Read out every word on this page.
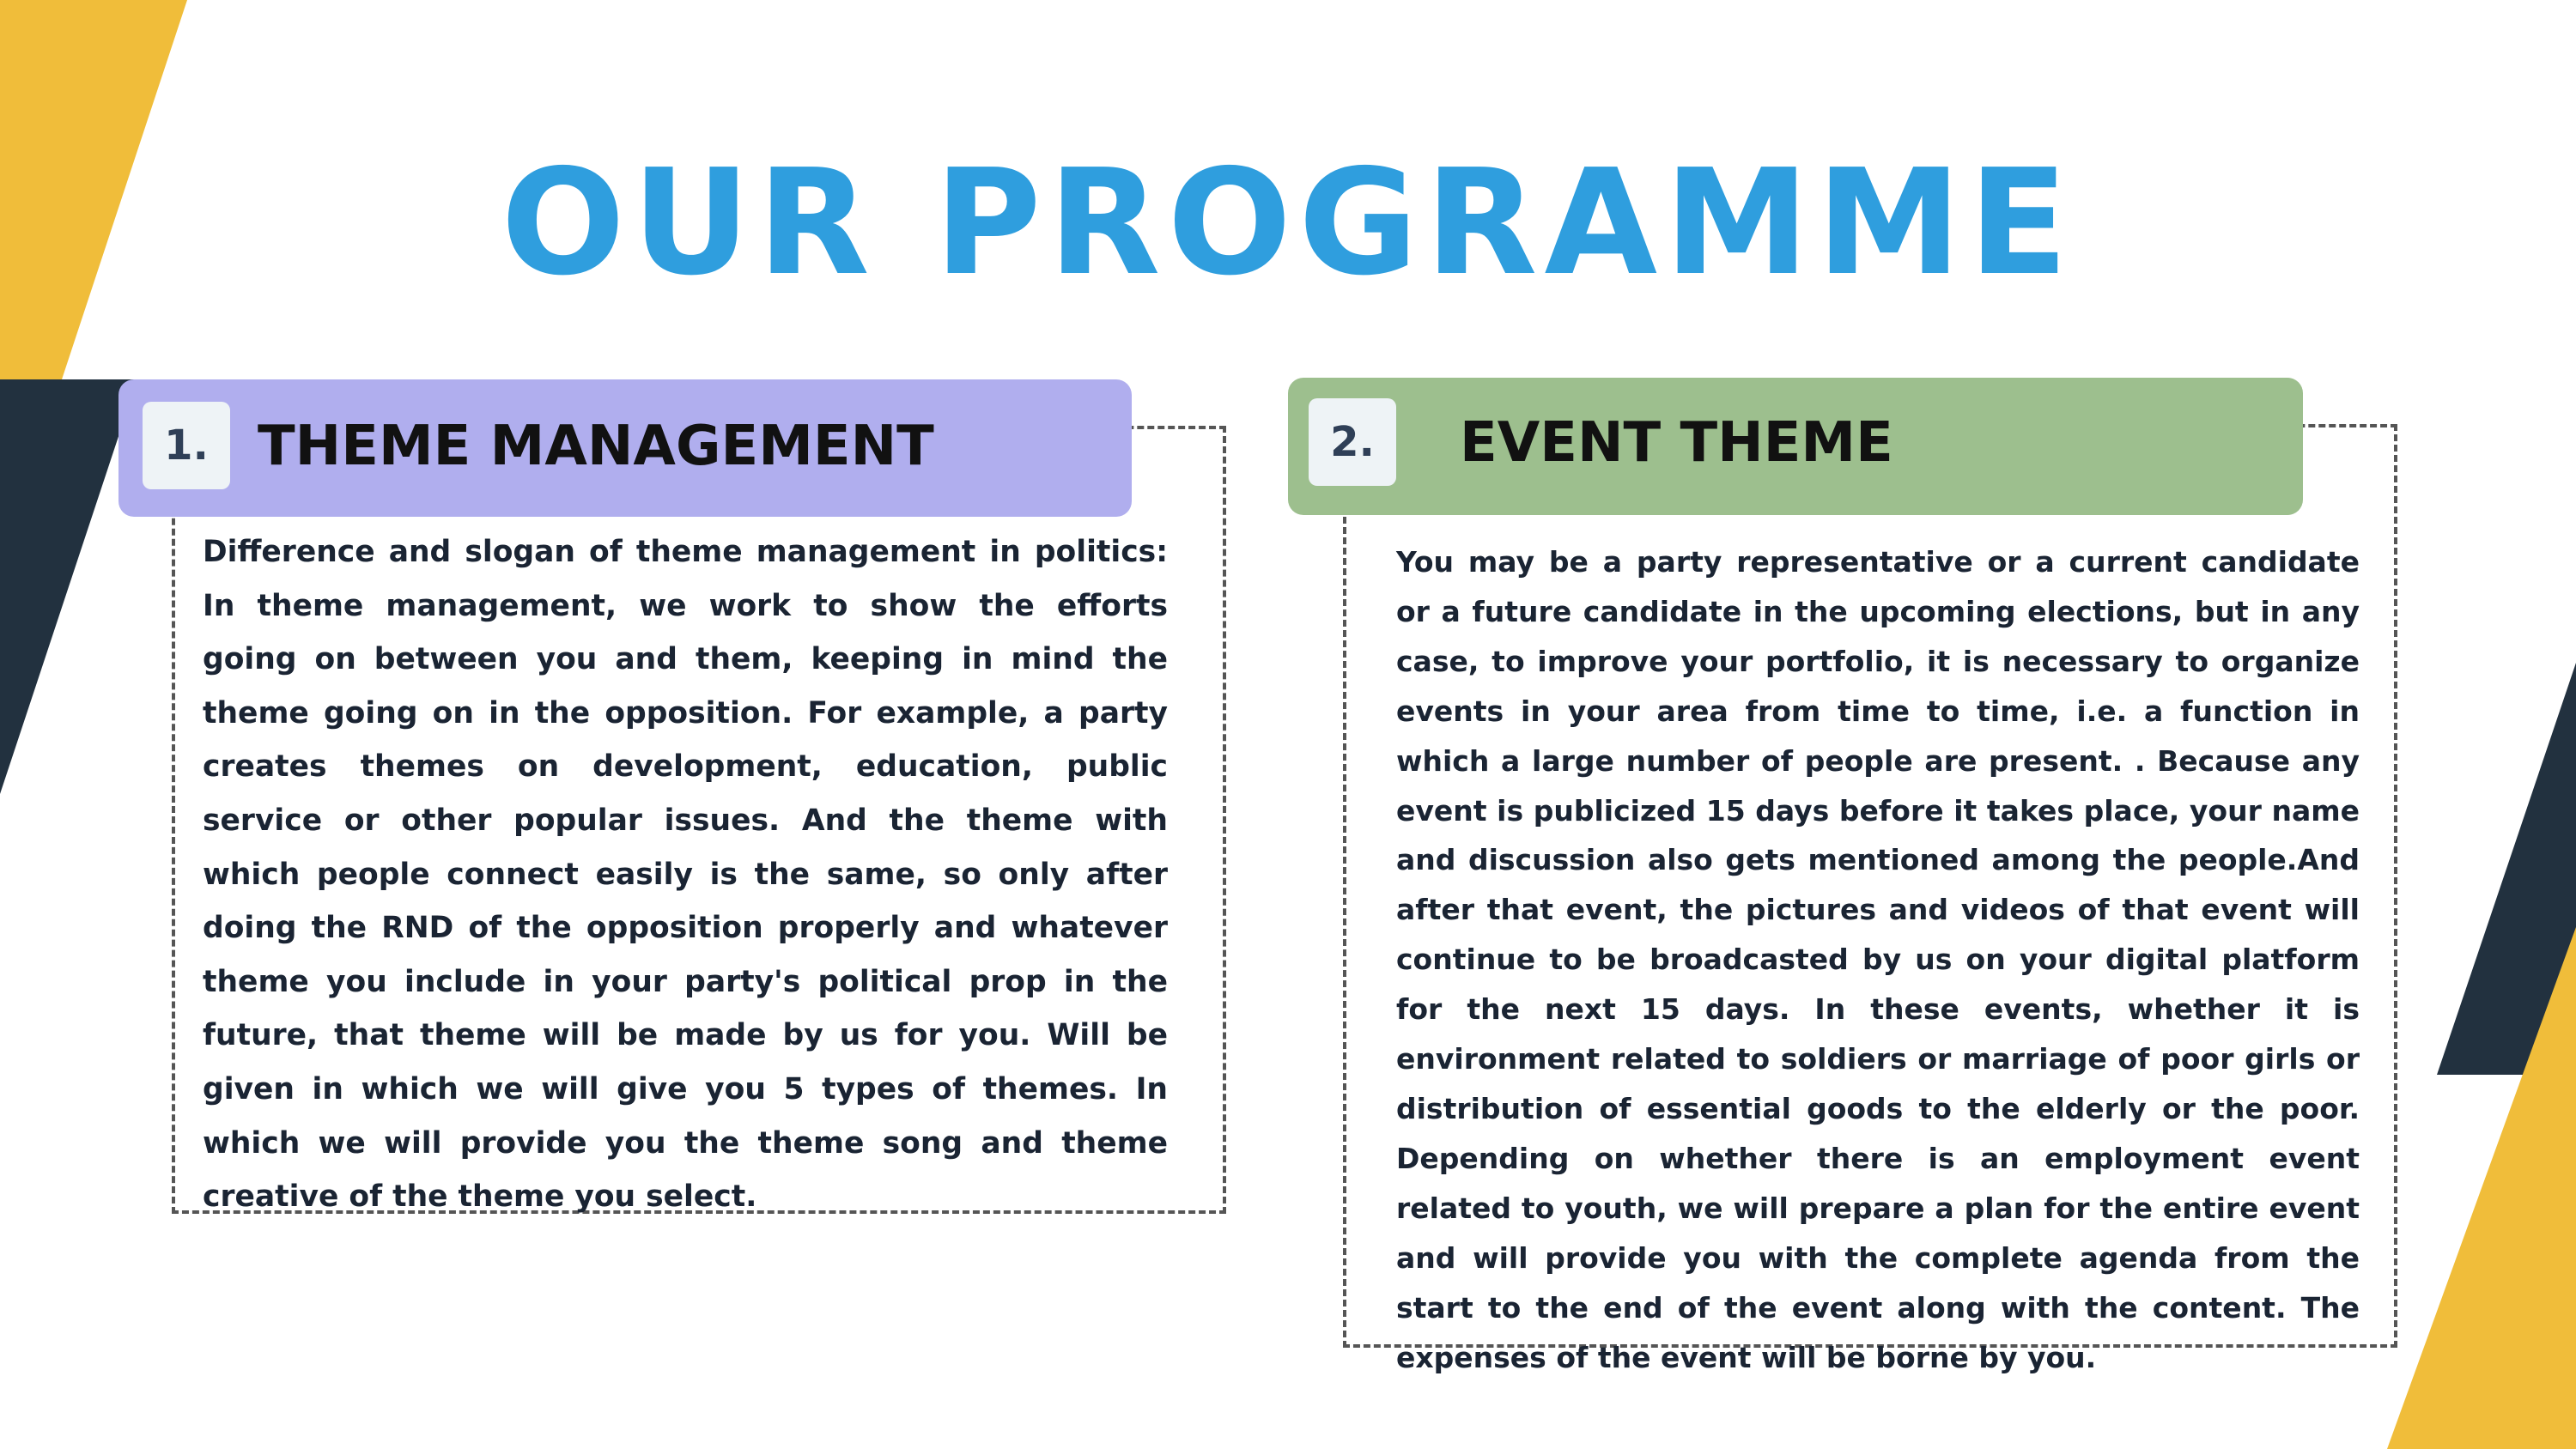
OUR PROGRAMME
1. THEME MANAGEMENT

Difference and slogan of theme management in politics: In theme management, we work to show the efforts going on between you and them, keeping in mind the theme going on in the opposition. For example, a party creates themes on development, education, public service or other popular issues. And the theme with which people connect easily is the same, so only after doing the RND of the opposition properly and whatever theme you include in your party's political prop in the future, that theme will be made by us for you. Will be given in which we will give you 5 types of themes. In which we will provide you the theme song and theme creative of the theme you select.

2.	EVENT THEME

You may be a party representative or a current candidate or a future candidate in the upcoming elections, but in any case, to improve your portfolio, it is necessary to organize events in your area from time to time, i.e. a function in which a large number of people are present. . Because any event is publicized 15 days before it takes place, your name and discussion also gets mentioned among the people.And after that event, the pictures and videos of that event will continue to be broadcasted by us on your digital platform for the next 15 days. In these events, whether it is environment related to soldiers or marriage of poor girls or distribution of essential goods to the elderly or the poor. Depending on whether there is an employment event related to youth, we will prepare a plan for the entire event and will provide you with the complete agenda from the start to the end of the event along with the content. The expenses of the event will be borne by you.
